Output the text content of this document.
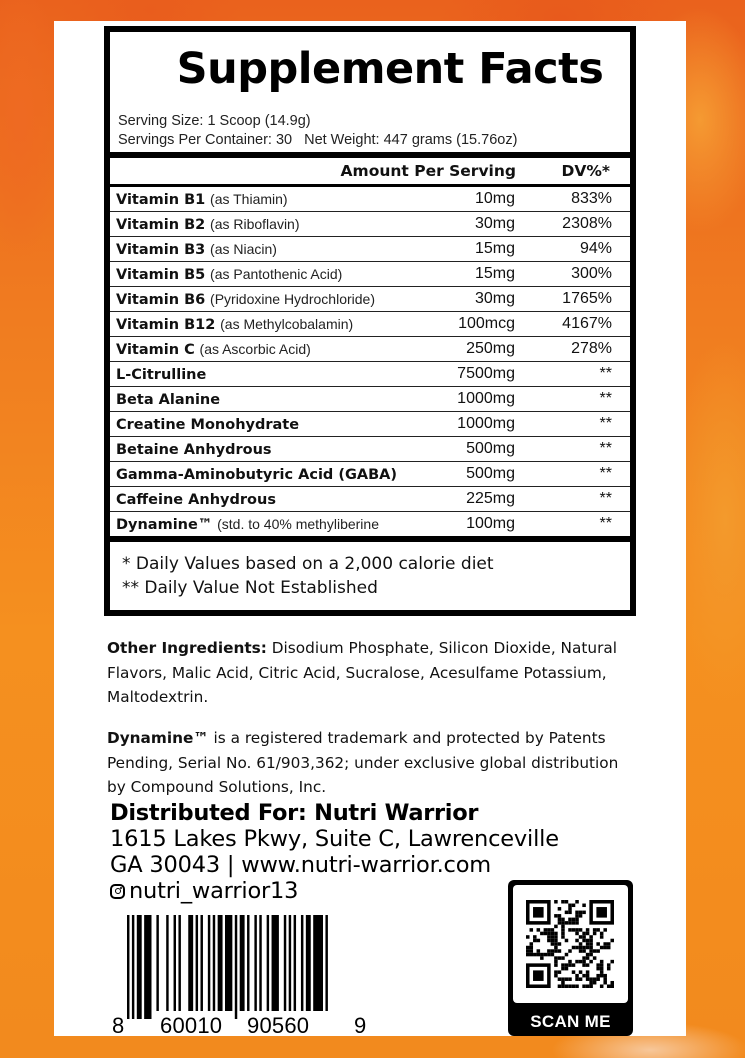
Supplement Facts
Serving Size: 1 Scoop (14.9g)
Servings Per Container: 30 Net Weight: 447 grams (15.76oz)
Amount Per Serving	DV%*
Vitamin B1 (as Thiamin)	10mg	833%
Vitamin B2 (as Riboflavin)	30mg	2308%
Vitamin B3 (as Niacin)	15mg	94%
Vitamin B5 (as Pantothenic Acid)	15mg	300%
Vitamin B6 (Pyridoxine Hydrochloride)	30mg	1765%
Vitamin B12 (as Methylcobalamin)	100mcg	4167%
Vitamin C (as Ascorbic Acid)	250mg	278%
L-Citrulline	7500mg	**
Beta Alanine	1000mg	**
Creatine Monohydrate	1000mg	**
Betaine Anhydrous	500mg	**
Gamma-Aminobutyric Acid (GABA)	500mg	**
Caffeine Anhydrous	225mg	**
Dynamine™ (std. to 40% methyliberine	100mg	**
* Daily Values based on a 2,000 calorie diet
** Daily Value Not Established
Other Ingredients: Disodium Phosphate, Silicon Dioxide, Natural Flavors, Malic Acid, Citric Acid, Sucralose, Acesulfame Potassium, Maltodextrin.
Dynamine™ is a registered trademark and protected by Patents Pending, Serial No. 61/903,362; under exclusive global distribution by Compound Solutions, Inc.
Distributed For: Nutri Warrior
1615 Lakes Pkwy, Suite C, Lawrenceville
GA 30043 | www.nutri-warrior.com
nutri_warrior13
8 60010 90560 9	SCAN ME
